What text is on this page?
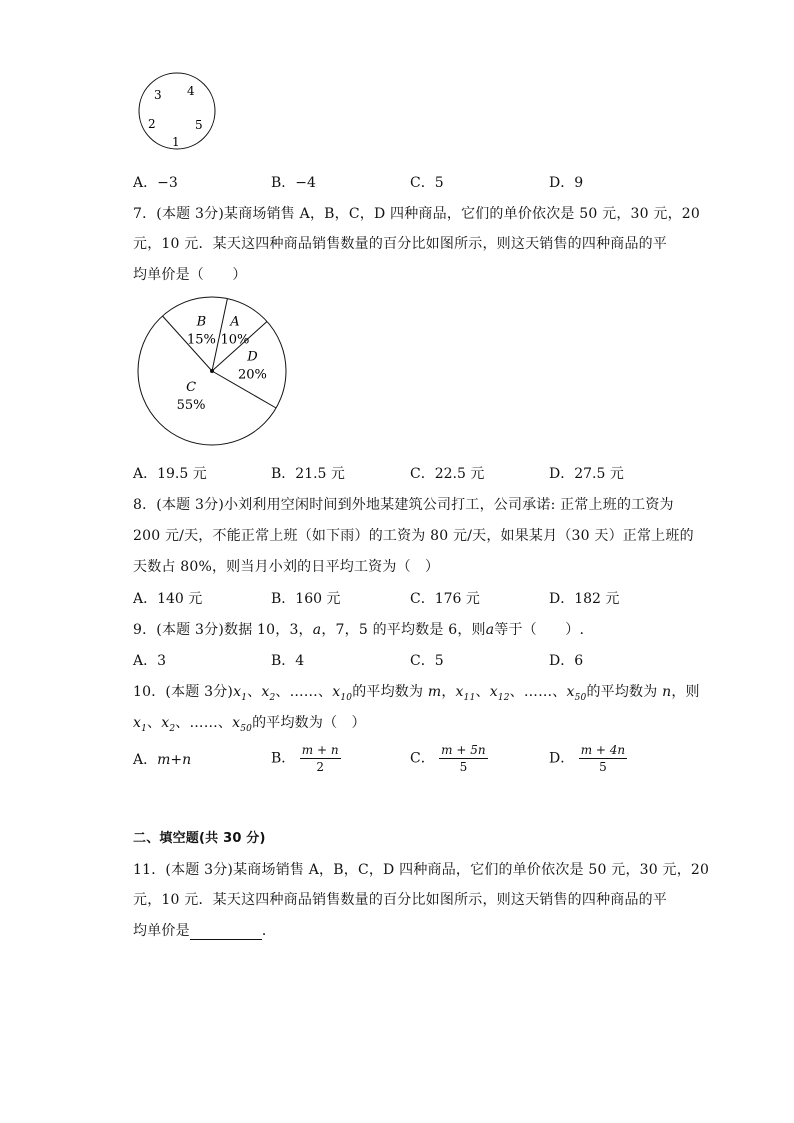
3 4
2	5
1
A．−3	B．−4	C．5	D．9
7．(本题 3分)某商场销售 A，B，C，D 四种商品，它们的单价依次是 50 元，30 元，20
元，10 元．某天这四种商品销售数量的百分比如图所示，则这天销售的四种商品的平
均单价是（　　）
A
10%
B
15%
C
55%
D
20%
A．19.5 元	B．21.5 元	C．22.5 元	D．27.5 元
8．(本题 3分)小刘利用空闲时间到外地某建筑公司打工，公司承诺: 正常上班的工资为
200 元/天，不能正常上班（如下雨）的工资为 80 元/天，如果某月（30 天）正常上班的
天数占 80%，则当月小刘的日平均工资为（　）
A．140 元	B．160 元	C．176 元	D．182 元
9．(本题 3分)数据 10，3，a，7，5 的平均数是 6，则a等于（　　）.
A．3	B．4	C．5	D．6
10．(本题 3分)$x_1$、$x_2$、……、$x_{10}$的平均数为 m，$x_{11}$、$x_{12}$、……、$x_{50}$的平均数为 n，则
$x_1$、$x_2$、……、$x_{50}$的平均数为（　）
A．m+n	B． $\frac{m + n}{2}$	C． $\frac{m + 5n}{5}$	D． $\frac{m + 4n}{5}$
二、填空题(共 30 分)
11．(本题 3分)某商场销售 A，B，C，D 四种商品，它们的单价依次是 50 元，30 元，20
元，10 元．某天这四种商品销售数量的百分比如图所示，则这天销售的四种商品的平
均单价是	．
